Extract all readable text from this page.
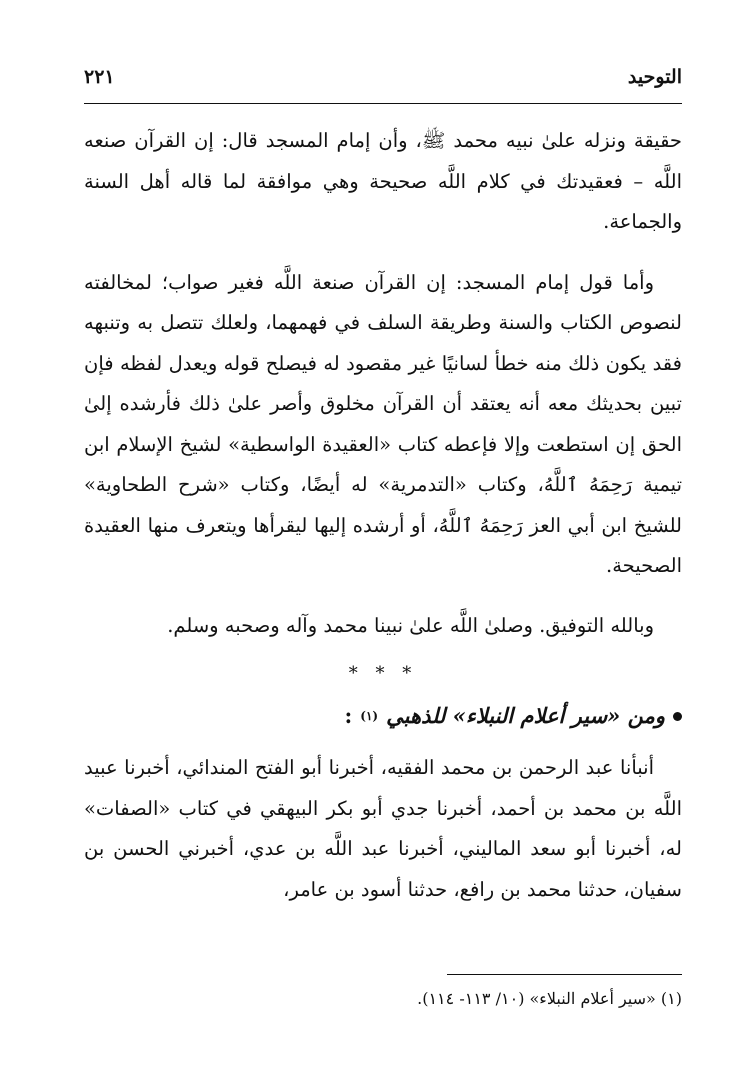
التوحيد
٢٢١

حقيقة ونزله علىٰ نبيه محمد ﷺ، وأن إمام المسجد قال: إن القرآن صنعه اللَّه – فعقيدتك في كلام اللَّه صحيحة وهي موافقة لما قاله أهل السنة والجماعة.

وأما قول إمام المسجد: إن القرآن صنعة اللَّه فغير صواب؛ لمخالفته لنصوص الكتاب والسنة وطريقة السلف في فهمهما، ولعلك تتصل به وتنبهه فقد يكون ذلك منه خطأ لسانيًا غير مقصود له فيصلح قوله ويعدل لفظه فإن تبين بحديثك معه أنه يعتقد أن القرآن مخلوق وأصر علىٰ ذلك فأرشده إلىٰ الحق إن استطعت وإلا فإعطه كتاب «العقيدة الواسطية» لشيخ الإسلام ابن تيمية رَحِمَهُ ٱللَّهُ، وكتاب «التدمرية» له أيضًا، وكتاب «شرح الطحاوية» للشيخ ابن أبي العز رَحِمَهُ ٱللَّهُ، أو أرشده إليها ليقرأها ويتعرف منها العقيدة الصحيحة.

وبالله التوفيق. وصلىٰ اللَّه علىٰ نبينا محمد وآله وصحبه وسلم.

* * *
ومن «سير أعلام النبلاء» للذهبي
(١)
:

أنبأنا عبد الرحمن بن محمد الفقيه، أخبرنا أبو الفتح المندائي، أخبرنا عبيد اللَّه بن محمد بن أحمد، أخبرنا جدي أبو بكر البيهقي في كتاب «الصفات» له، أخبرنا أبو سعد الماليني، أخبرنا عبد اللَّه بن عدي، أخبرني الحسن بن سفيان، حدثنا محمد بن رافع، حدثنا أسود بن عامر،

(١) «سير أعلام النبلاء» (١٠/ ١١٣- ١١٤).
